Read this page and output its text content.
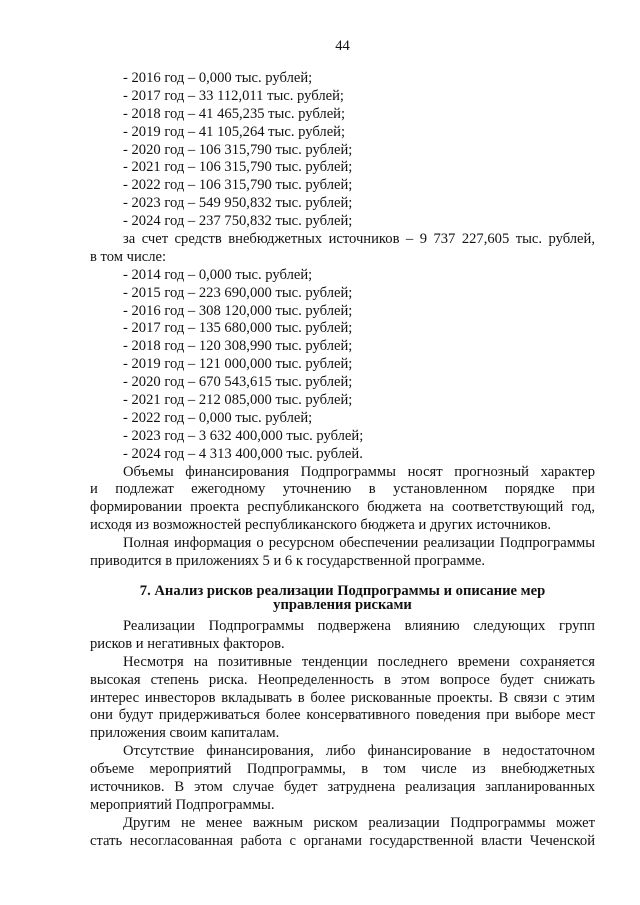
44
- 2016 год – 0,000 тыс. рублей;
- 2017 год – 33 112,011 тыс. рублей;
- 2018 год – 41 465,235 тыс. рублей;
- 2019 год – 41 105,264 тыс. рублей;
- 2020 год – 106 315,790 тыс. рублей;
- 2021 год – 106 315,790 тыс. рублей;
- 2022 год – 106 315,790 тыс. рублей;
- 2023 год – 549 950,832 тыс. рублей;
- 2024 год – 237 750,832 тыс. рублей;
за счет средств внебюджетных источников – 9 737 227,605 тыс. рублей,
в том числе:
- 2014 год – 0,000 тыс. рублей;
- 2015 год – 223 690,000 тыс. рублей;
- 2016 год – 308 120,000 тыс. рублей;
- 2017 год – 135 680,000 тыс. рублей;
- 2018 год – 120 308,990 тыс. рублей;
- 2019 год – 121 000,000 тыс. рублей;
- 2020 год – 670 543,615 тыс. рублей;
- 2021 год – 212 085,000 тыс. рублей;
- 2022 год – 0,000 тыс. рублей;
- 2023 год – 3 632 400,000 тыс. рублей;
- 2024 год – 4 313 400,000 тыс. рублей.
Объемы финансирования Подпрограммы носят прогнозный характер
и подлежат ежегодному уточнению в установленном порядке при
формировании проекта республиканского бюджета на соответствующий год,
исходя из возможностей республиканского бюджета и других источников.
Полная информация о ресурсном обеспечении реализации Подпрограммы
приводится в приложениях 5 и 6 к государственной программе.
7. Анализ рисков реализации Подпрограммы и описание мер
управления рисками
Реализации Подпрограммы подвержена влиянию следующих групп
рисков и негативных факторов.
Несмотря на позитивные тенденции последнего времени сохраняется
высокая степень риска. Неопределенность в этом вопросе будет снижать
интерес инвесторов вкладывать в более рискованные проекты. В связи с этим
они будут придерживаться более консервативного поведения при выборе мест
приложения своим капиталам.
Отсутствие финансирования, либо финансирование в недостаточном
объеме мероприятий Подпрограммы, в том числе из внебюджетных
источников. В этом случае будет затруднена реализация запланированных
мероприятий Подпрограммы.
Другим не менее важным риском реализации Подпрограммы может
стать несогласованная работа с органами государственной власти Чеченской
